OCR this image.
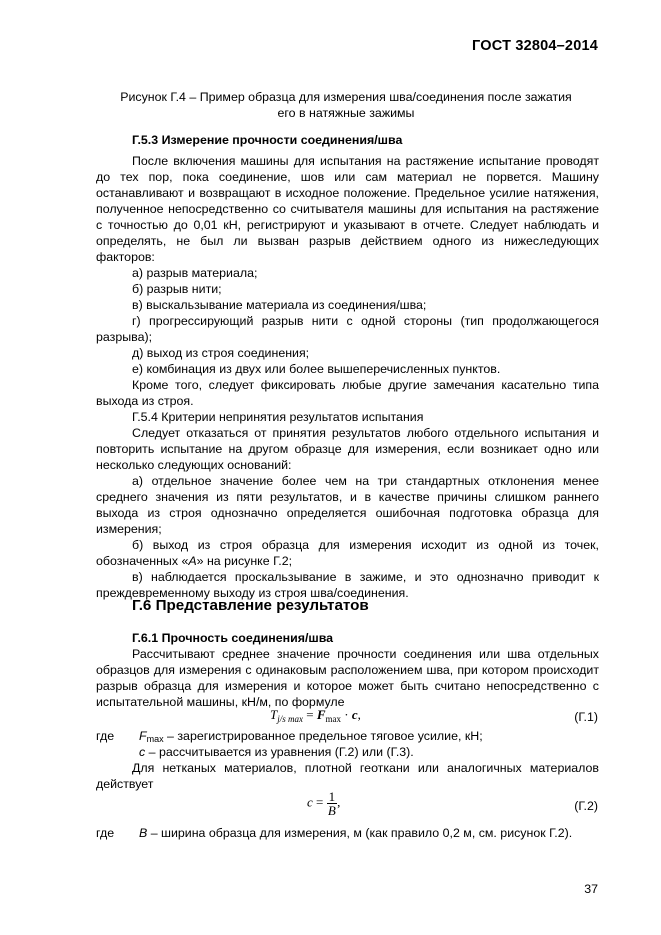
ГОСТ 32804–2014
Рисунок Г.4 – Пример образца для измерения шва/соединения после зажатия
его в натяжные зажимы
Г.5.3 Измерение прочности соединения/шва

После включения машины для испытания на растяжение испытание проводят до тех пор, пока соединение, шов или сам материал не порвется. Машину останавливают и возвращают в исходное положение. Предельное усилие натяжения, полученное непосредственно со считывателя машины для испытания на растяжение с точностью до 0,01 кН, регистрируют и указывают в отчете. Следует наблюдать и определять, не был ли вызван разрыв действием одного из нижеследующих факторов:

а) разрыв материала;

б) разрыв нити;

в) выскальзывание материала из соединения/шва;

г) прогрессирующий разрыв нити с одной стороны (тип продолжающегося разрыва);

д) выход из строя соединения;

е) комбинация из двух или более вышеперечисленных пунктов.

Кроме того, следует фиксировать любые другие замечания касательно типа выхода из строя.

Г.5.4 Критерии непринятия результатов испытания

Следует отказаться от принятия результатов любого отдельного испытания и повторить испытание на другом образце для измерения, если возникает одно или несколько следующих оснований:

а) отдельное значение более чем на три стандартных отклонения менее среднего значения из пяти результатов, и в качестве причины слишком раннего выхода из строя однозначно определяется ошибочная подготовка образца для измерения;

б) выход из строя образца для измерения исходит из одной из точек, обозначенных «А» на рисунке Г.2;

в) наблюдается проскальзывание в зажиме, и это однозначно приводит к преждевременному выходу из строя шва/соединения.

Г.6 Представление результатов
Г.6.1 Прочность соединения/шва

Рассчитывают среднее значение прочности соединения или шва отдельных образцов для измерения с одинаковым расположением шва, при котором происходит разрыв образца для измерения и которое может быть считано непосредственно с испытательной машины, кН/м, по формуле

$T_{j/s max} = F_{max} \cdot c$,	(Г.1)
где Fmax – зарегистрированное предельное тяговое усилие, кН;
c – рассчитывается из уравнения (Г.2) или (Г.3).

Для нетканых материалов, плотной геоткани или аналогичных материалов действует

$c = \frac{1}{B}$ ,	(Г.2)
где B – ширина образца для измерения, м (как правило 0,2 м, см. рисунок Г.2).
37
